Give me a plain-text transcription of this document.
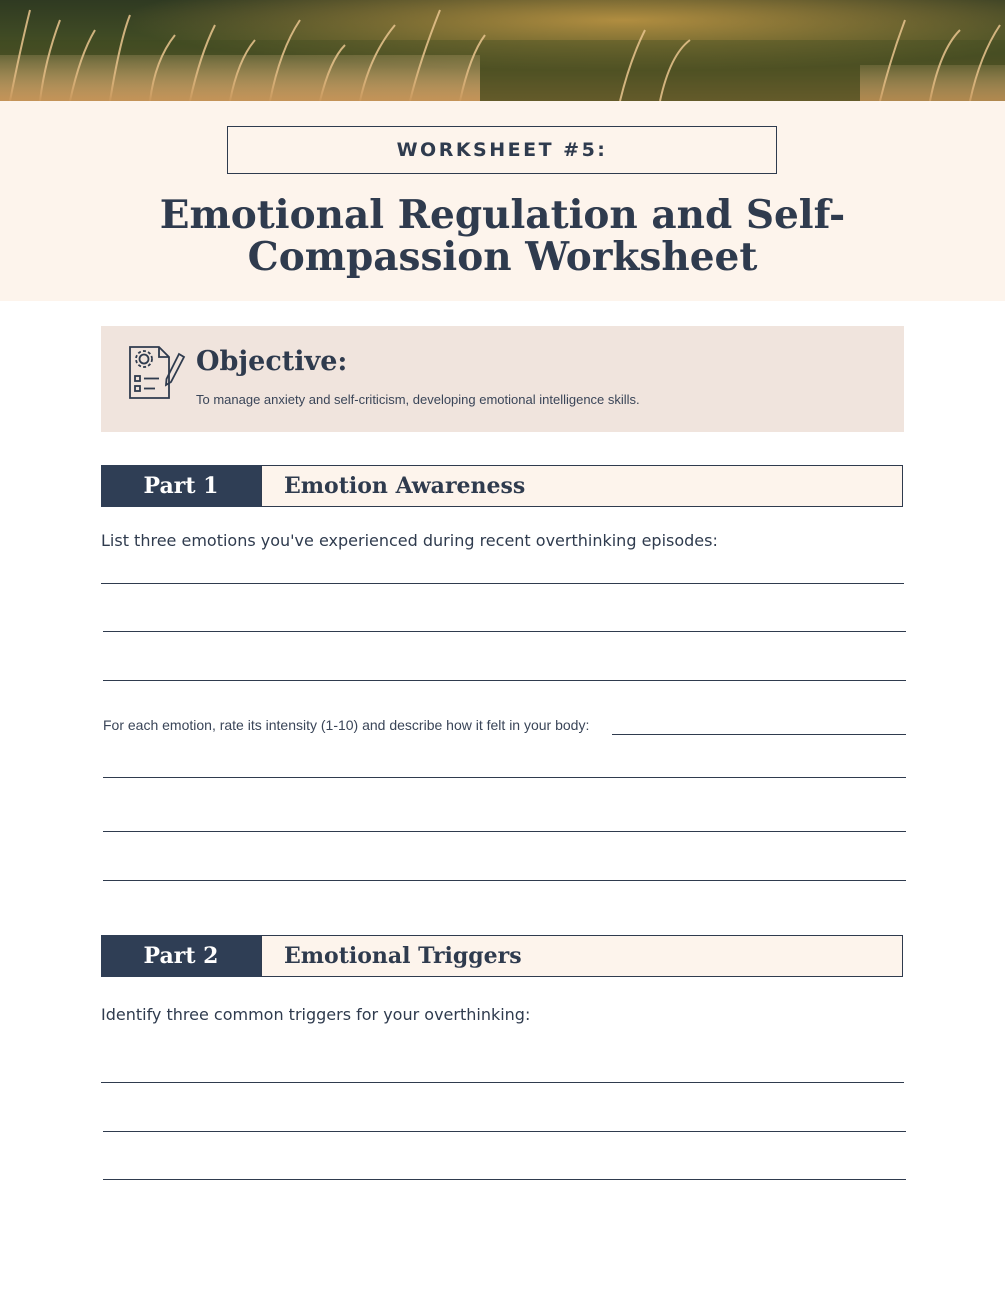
WORKSHEET #5:
Emotional Regulation and Self-Compassion Worksheet
Objective:
To manage anxiety and self-criticism, developing emotional intelligence skills.
Part 1	Emotion Awareness
List three emotions you've experienced during recent overthinking episodes:
For each emotion, rate its intensity (1-10) and describe how it felt in your body:
Part 2	Emotional Triggers
Identify three common triggers for your overthinking:
